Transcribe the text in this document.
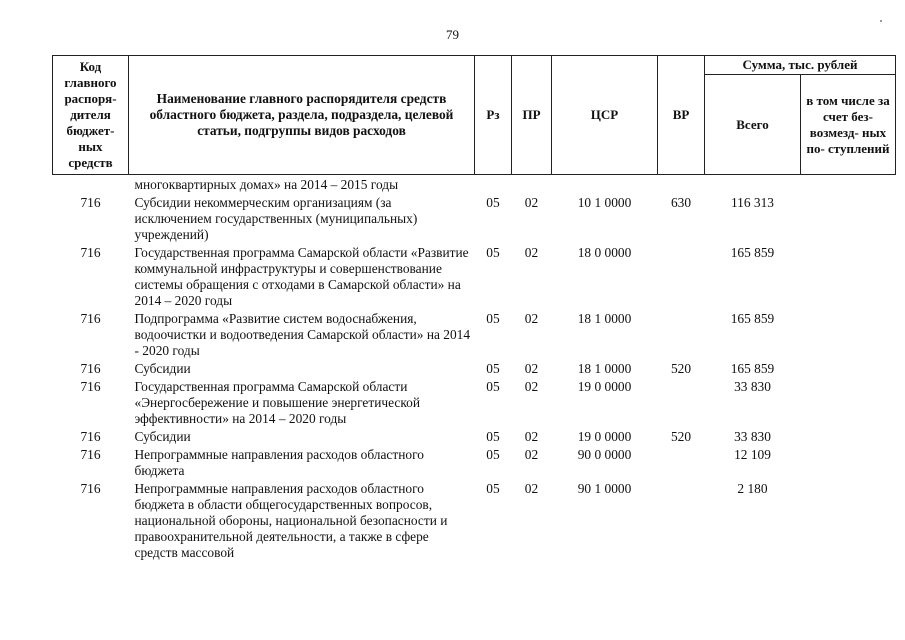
79
Код главного распоря- дителя бюджет- ных средств	Наименование главного распорядителя средств областного бюджета, раздела, подраздела, целевой статьи, подгруппы видов расходов	Рз	ПР	ЦСР	ВР	Сумма, тыс. рублей	
						Всего	в том числе за счет без- возмезд- ных по- ступлений
	многоквартирных домах» на 2014 – 2015 годы						
716	Субсидии некоммерческим организациям (за исключением государственных (муниципальных) учреждений)	05	02	10 1 0000	630	116 313	
716	Государственная программа Самарской области «Развитие коммунальной инфраструктуры и совершенствование системы обращения с отходами в Самарской области» на 2014 – 2020 годы	05	02	18 0 0000		165 859	
716	Подпрограмма «Развитие систем водоснабжения, водоочистки и водоотведения Самарской области» на 2014 - 2020 годы	05	02	18 1 0000		165 859	
716	Субсидии	05	02	18 1 0000	520	165 859	
716	Государственная программа Самарской области «Энергосбережение и повышение энергетической эффективности» на 2014 – 2020 годы	05	02	19 0 0000		33 830	
716	Субсидии	05	02	19 0 0000	520	33 830	
716	Непрограммные направления расходов областного бюджета	05	02	90 0 0000		12 109	
716	Непрограммные направления расходов областного бюджета в области общегосударственных вопросов, национальной обороны, национальной безопасности и правоохранительной деятельности, а также в сфере средств массовой	05	02	90 1 0000		2 180	
